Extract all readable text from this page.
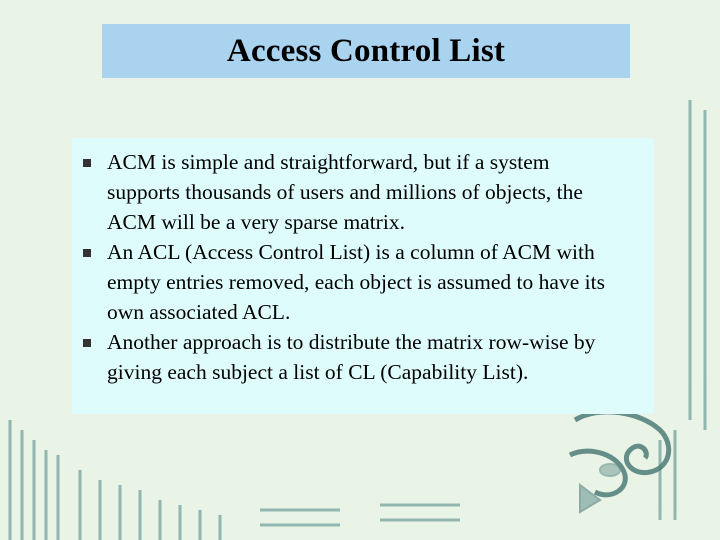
Access Control List
ACM is simple and straightforward, but if a system supports thousands of users and millions of objects, the ACM will be a very sparse matrix.
An ACL (Access Control List) is a column of ACM with empty entries removed, each object is assumed to have its own associated ACL.
Another approach is to distribute the matrix row-wise by giving each subject a list of CL (Capability List).
